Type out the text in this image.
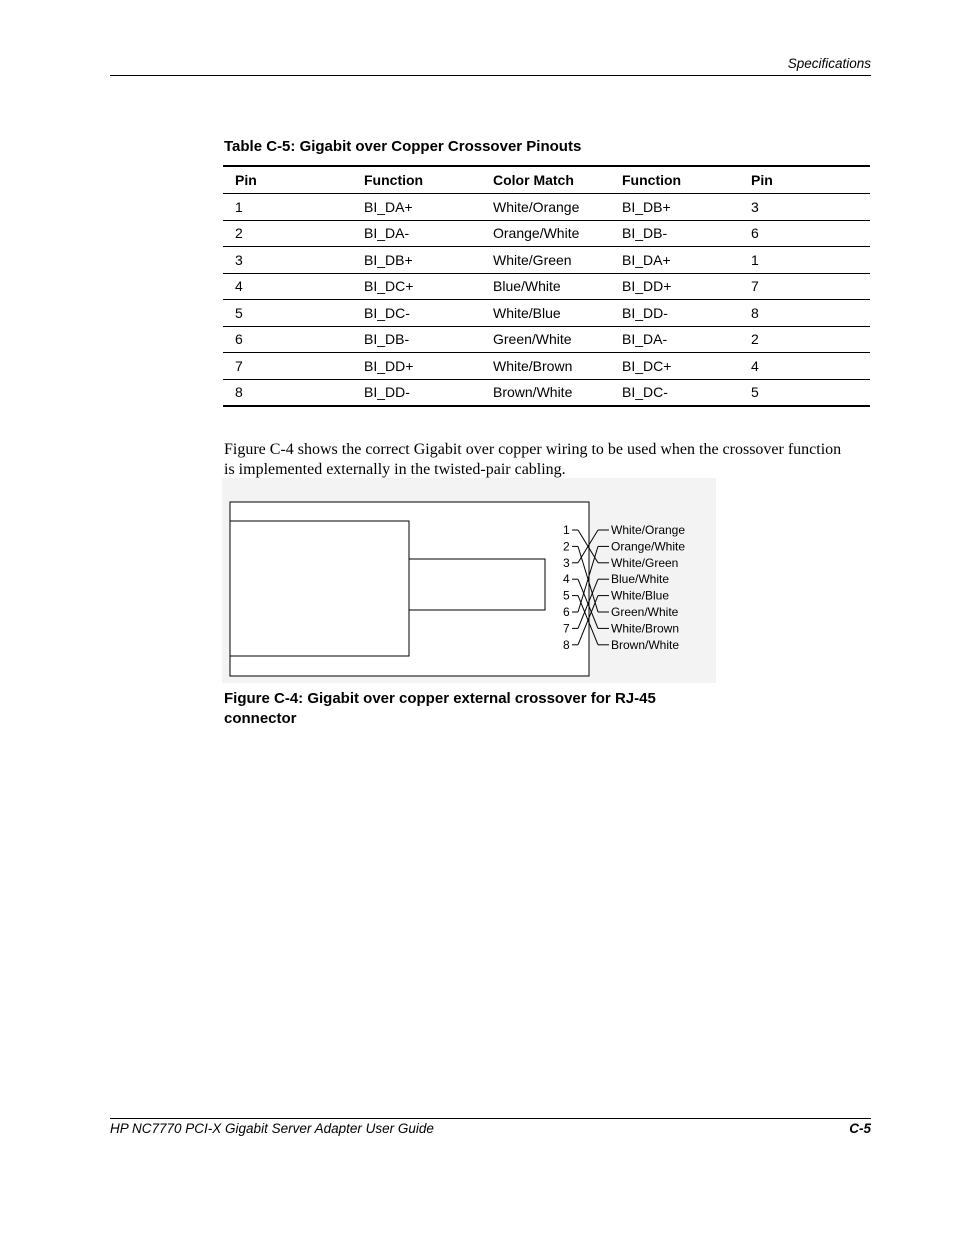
Specifications
Table C-5: Gigabit over Copper Crossover Pinouts
Pin	Function	Color Match	Function	Pin
1	BI_DA+	White/Orange	BI_DB+	3
2	BI_DA-	Orange/White	BI_DB-	6
3	BI_DB+	White/Green	BI_DA+	1
4	BI_DC+	Blue/White	BI_DD+	7
5	BI_DC-	White/Blue	BI_DD-	8
6	BI_DB-	Green/White	BI_DA-	2
7	BI_DD+	White/Brown	BI_DC+	4
8	BI_DD-	Brown/White	BI_DC-	5

Figure C-4 shows the correct Gigabit over copper wiring to be used when the crossover function is implemented externally in the twisted-pair cabling.

1
2
3
4
5
6
7
8
White/Orange
Orange/White
White/Green
Blue/White
White/Blue
Green/White
White/Brown
Brown/White
Figure C-4: Gigabit over copper external crossover for RJ-45 connector
HP NC7770 PCI-X Gigabit Server Adapter User Guide	C-5
